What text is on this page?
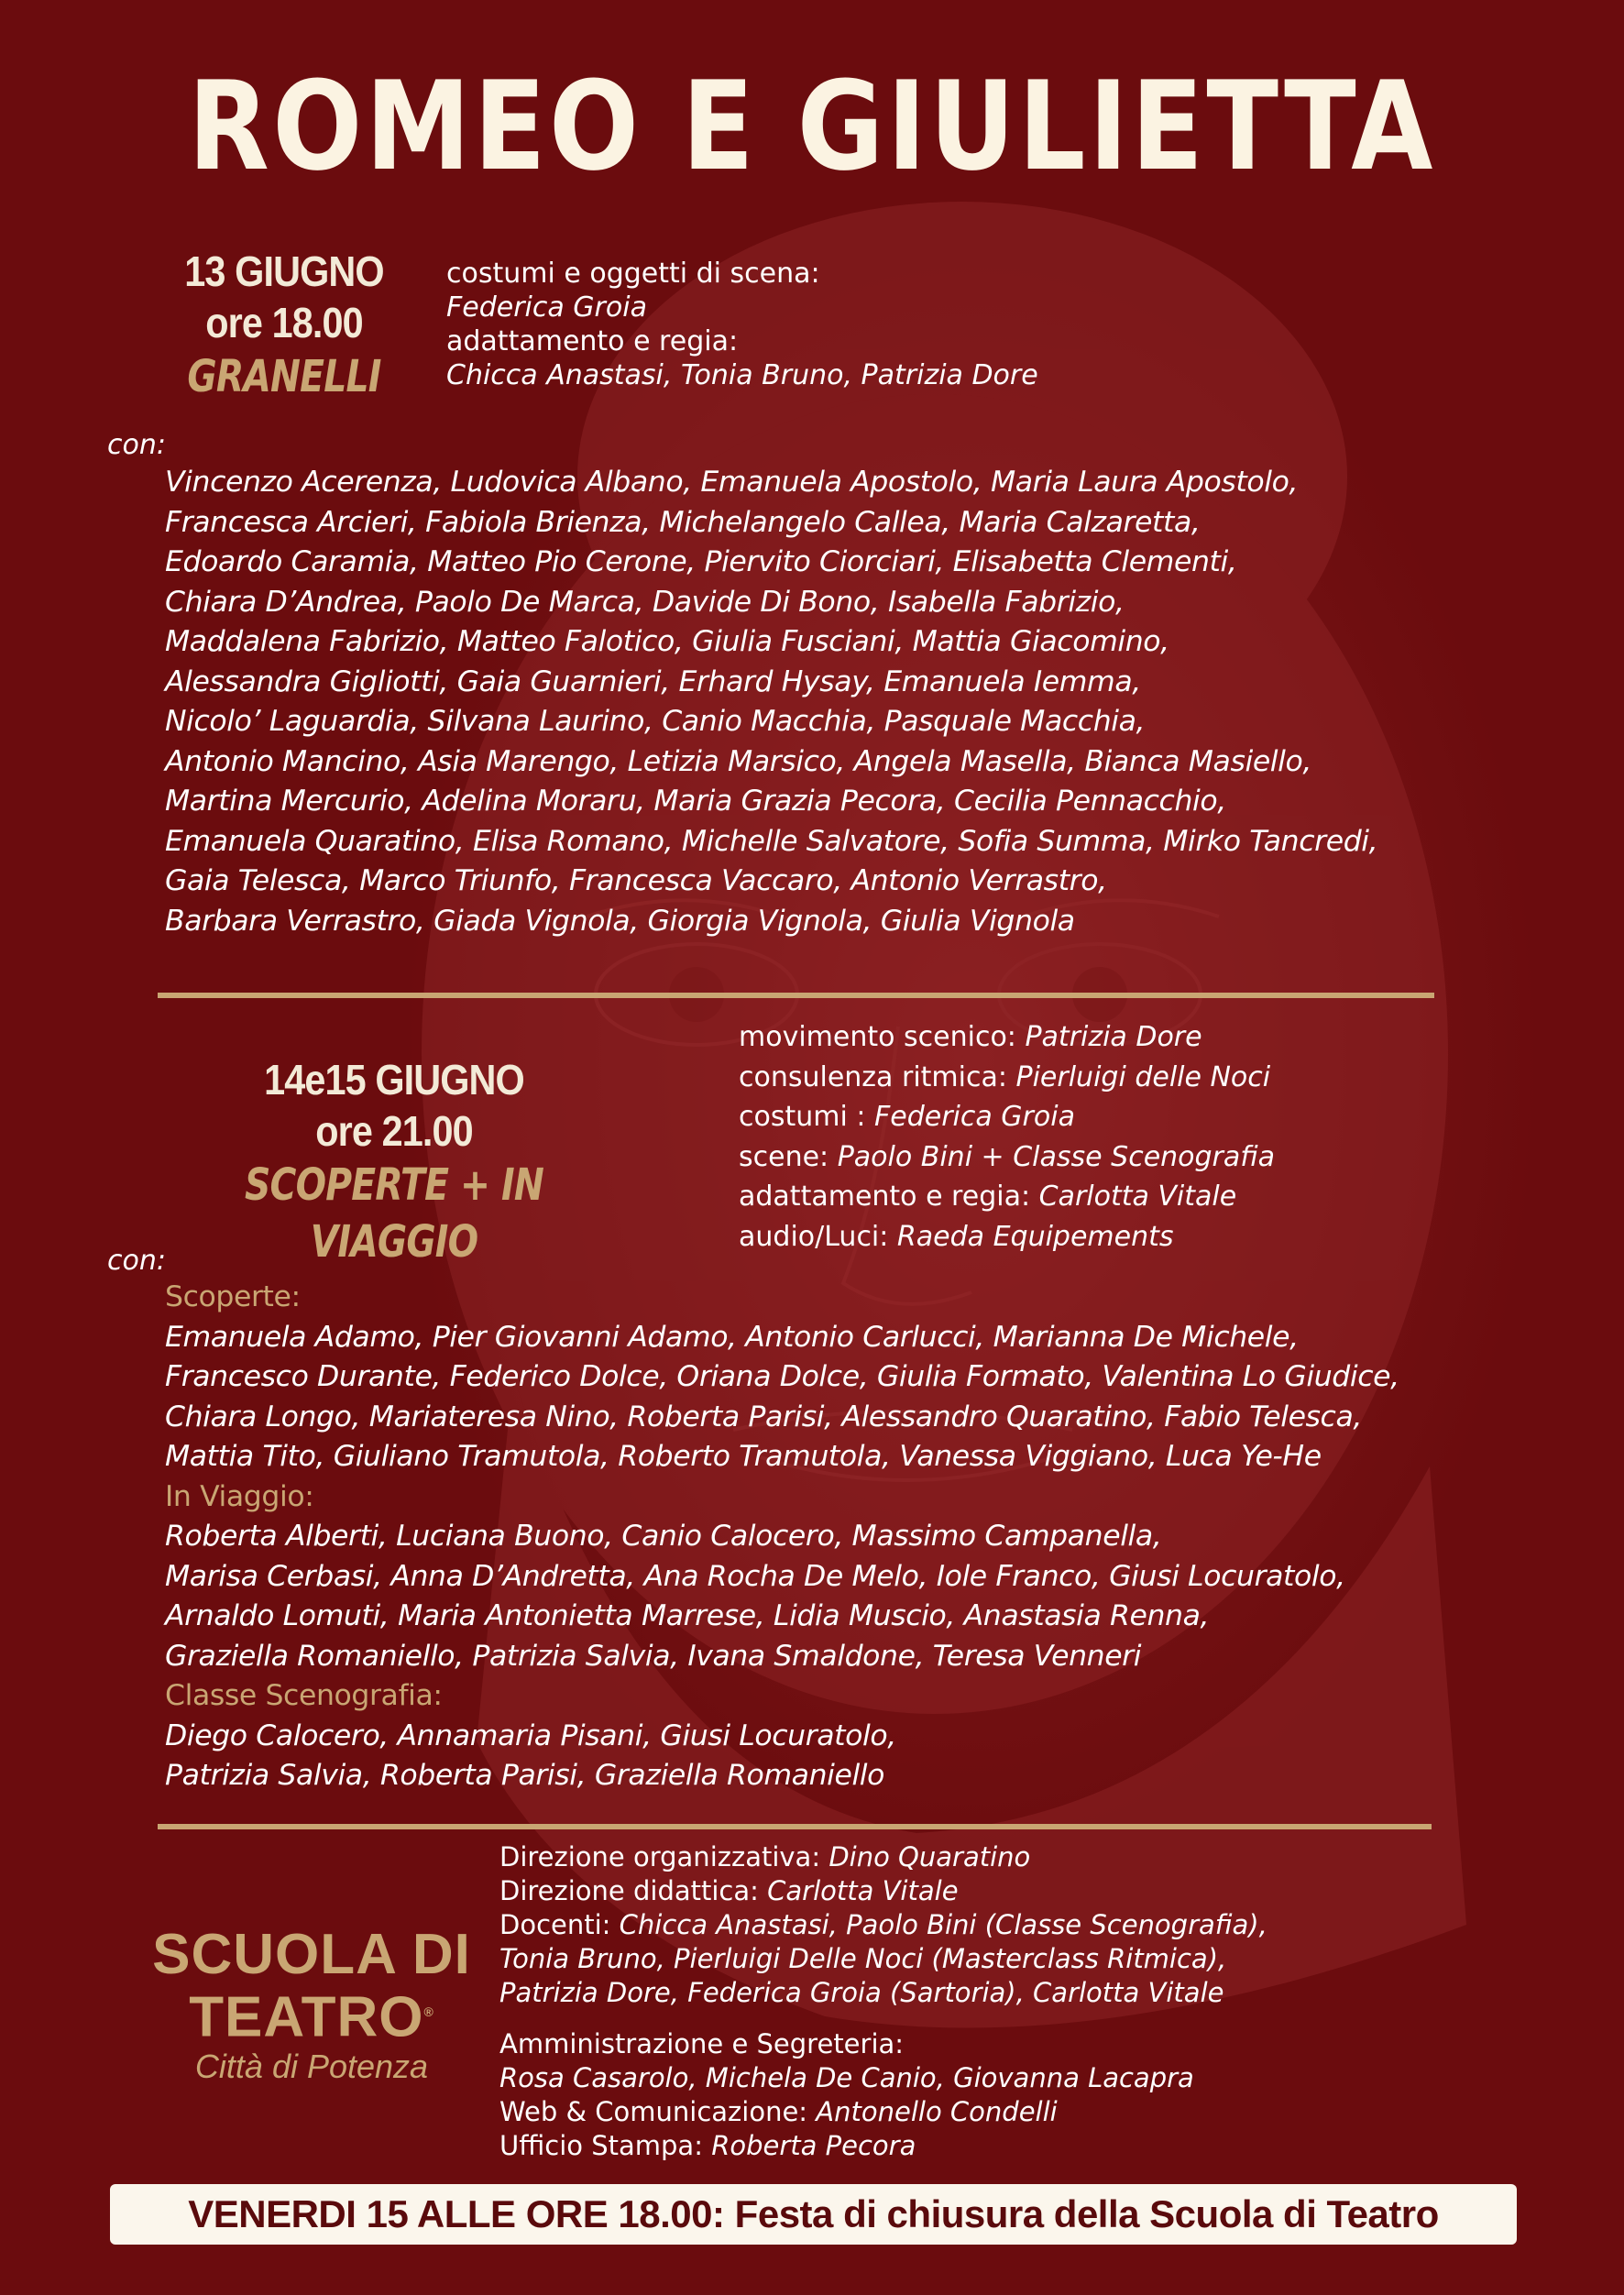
ROMEO E GIULIETTA
13 GIUGNO
ore 18.00
GRANELLI
costumi e oggetti di scena:
Federica Groia
adattamento e regia:
Chicca Anastasi, Tonia Bruno, Patrizia Dore
con:
Vincenzo Acerenza, Ludovica Albano, Emanuela Apostolo, Maria Laura Apostolo,
Francesca Arcieri, Fabiola Brienza, Michelangelo Callea, Maria Calzaretta,
Edoardo Caramia, Matteo Pio Cerone, Piervito Ciorciari, Elisabetta Clementi,
Chiara D’Andrea, Paolo De Marca, Davide Di Bono, Isabella Fabrizio,
Maddalena Fabrizio, Matteo Falotico, Giulia Fusciani, Mattia Giacomino,
Alessandra Gigliotti, Gaia Guarnieri, Erhard Hysay, Emanuela Iemma,
Nicolo’ Laguardia, Silvana Laurino, Canio Macchia, Pasquale Macchia,
Antonio Mancino, Asia Marengo, Letizia Marsico, Angela Masella, Bianca Masiello,
Martina Mercurio, Adelina Moraru, Maria Grazia Pecora, Cecilia Pennacchio,
Emanuela Quaratino, Elisa Romano, Michelle Salvatore, Sofia Summa, Mirko Tancredi,
Gaia Telesca, Marco Triunfo, Francesca Vaccaro, Antonio Verrastro,
Barbara Verrastro, Giada Vignola, Giorgia Vignola, Giulia Vignola
14e15 GIUGNO
ore 21.00
SCOPERTE + IN VIAGGIO
movimento scenico: Patrizia Dore
consulenza ritmica: Pierluigi delle Noci
costumi : Federica Groia
scene: Paolo Bini + Classe Scenografia
adattamento e regia: Carlotta Vitale
audio/Luci: Raeda Equipements
con:
Scoperte:
Emanuela Adamo, Pier Giovanni Adamo, Antonio Carlucci, Marianna De Michele,
Francesco Durante, Federico Dolce, Oriana Dolce, Giulia Formato, Valentina Lo Giudice,
Chiara Longo, Mariateresa Nino, Roberta Parisi, Alessandro Quaratino, Fabio Telesca,
Mattia Tito, Giuliano Tramutola, Roberto Tramutola, Vanessa Viggiano, Luca Ye-He
In Viaggio:
Roberta Alberti, Luciana Buono, Canio Calocero, Massimo Campanella,
Marisa Cerbasi, Anna D’Andretta, Ana Rocha De Melo, Iole Franco, Giusi Locuratolo,
Arnaldo Lomuti, Maria Antonietta Marrese, Lidia Muscio, Anastasia Renna,
Graziella Romaniello, Patrizia Salvia, Ivana Smaldone, Teresa Venneri
Classe Scenografia:
Diego Calocero, Annamaria Pisani, Giusi Locuratolo,
Patrizia Salvia, Roberta Parisi, Graziella Romaniello
SCUOLA DI
TEATRO®
Città di Potenza
Direzione organizzativa: Dino Quaratino
Direzione didattica: Carlotta Vitale
Docenti: Chicca Anastasi, Paolo Bini (Classe Scenografia),
Tonia Bruno, Pierluigi Delle Noci (Masterclass Ritmica),
Patrizia Dore, Federica Groia (Sartoria), Carlotta Vitale
Amministrazione e Segreteria:
Rosa Casarolo, Michela De Canio, Giovanna Lacapra
Web & Comunicazione: Antonello Condelli
Ufficio Stampa: Roberta Pecora
VENERDI 15 ALLE ORE 18.00: Festa di chiusura della Scuola di Teatro
